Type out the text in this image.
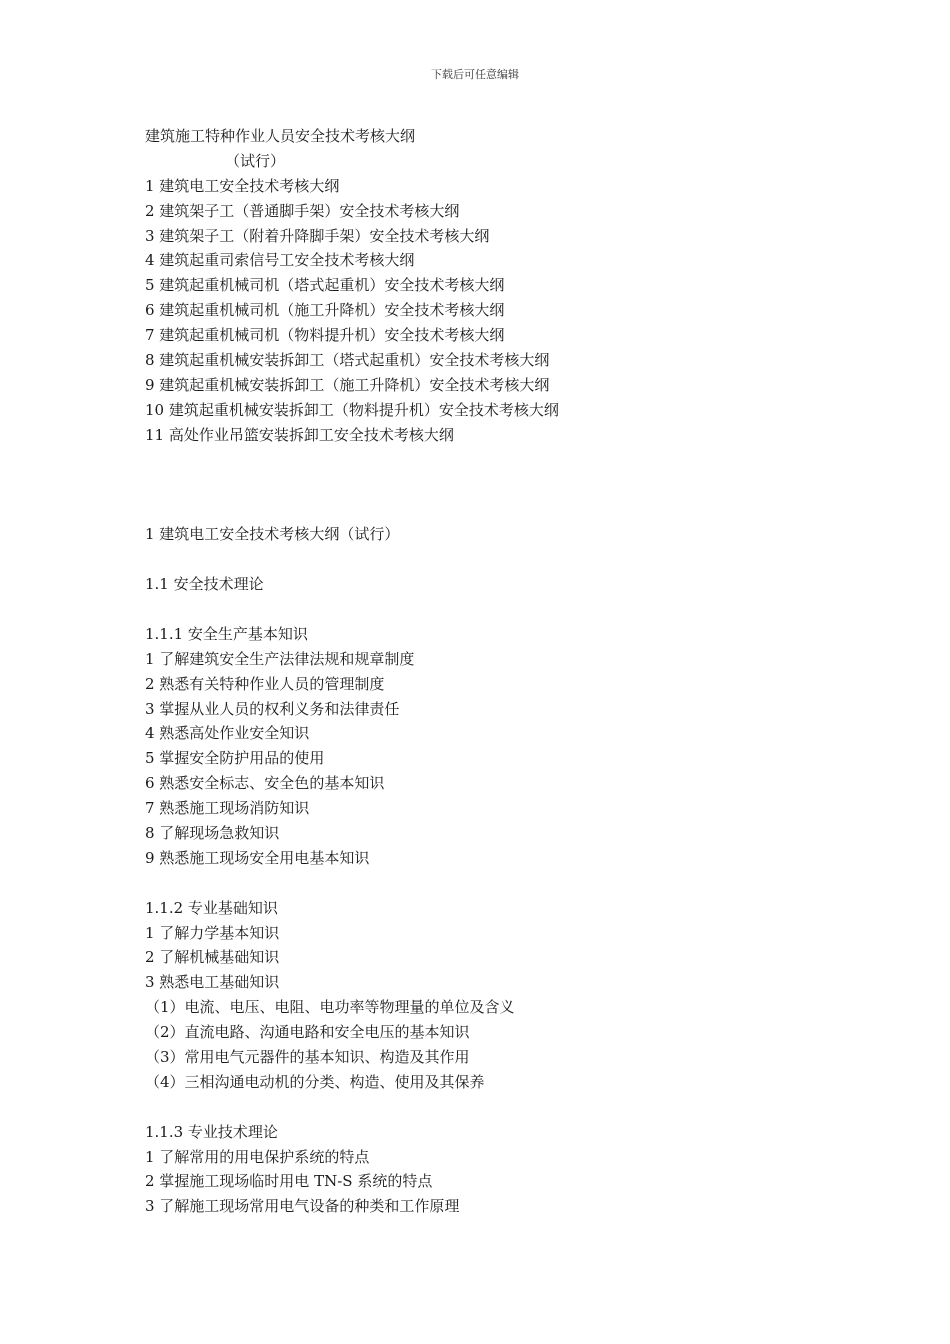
下载后可任意编辑
建筑施工特种作业人员安全技术考核大纲
（试行）
1 建筑电工安全技术考核大纲
2 建筑架子工（普通脚手架）安全技术考核大纲
3 建筑架子工（附着升降脚手架）安全技术考核大纲
4 建筑起重司索信号工安全技术考核大纲
5 建筑起重机械司机（塔式起重机）安全技术考核大纲
6 建筑起重机械司机（施工升降机）安全技术考核大纲
7 建筑起重机械司机（物料提升机）安全技术考核大纲
8 建筑起重机械安装拆卸工（塔式起重机）安全技术考核大纲
9 建筑起重机械安装拆卸工（施工升降机）安全技术考核大纲
10 建筑起重机械安装拆卸工（物料提升机）安全技术考核大纲
11 高处作业吊篮安装拆卸工安全技术考核大纲
1 建筑电工安全技术考核大纲（试行）
1.1 安全技术理论
1.1.1 安全生产基本知识
1 了解建筑安全生产法律法规和规章制度
2 熟悉有关特种作业人员的管理制度
3 掌握从业人员的权利义务和法律责任
4 熟悉高处作业安全知识
5 掌握安全防护用品的使用
6 熟悉安全标志、安全色的基本知识
7 熟悉施工现场消防知识
8 了解现场急救知识
9 熟悉施工现场安全用电基本知识
1.1.2 专业基础知识
1 了解力学基本知识
2 了解机械基础知识
3 熟悉电工基础知识
（1）电流、电压、电阻、电功率等物理量的单位及含义
（2）直流电路、沟通电路和安全电压的基本知识
（3）常用电气元器件的基本知识、构造及其作用
（4）三相沟通电动机的分类、构造、使用及其保养
1.1.3 专业技术理论
1 了解常用的用电保护系统的特点
2 掌握施工现场临时用电 TN-S 系统的特点
3 了解施工现场常用电气设备的种类和工作原理
